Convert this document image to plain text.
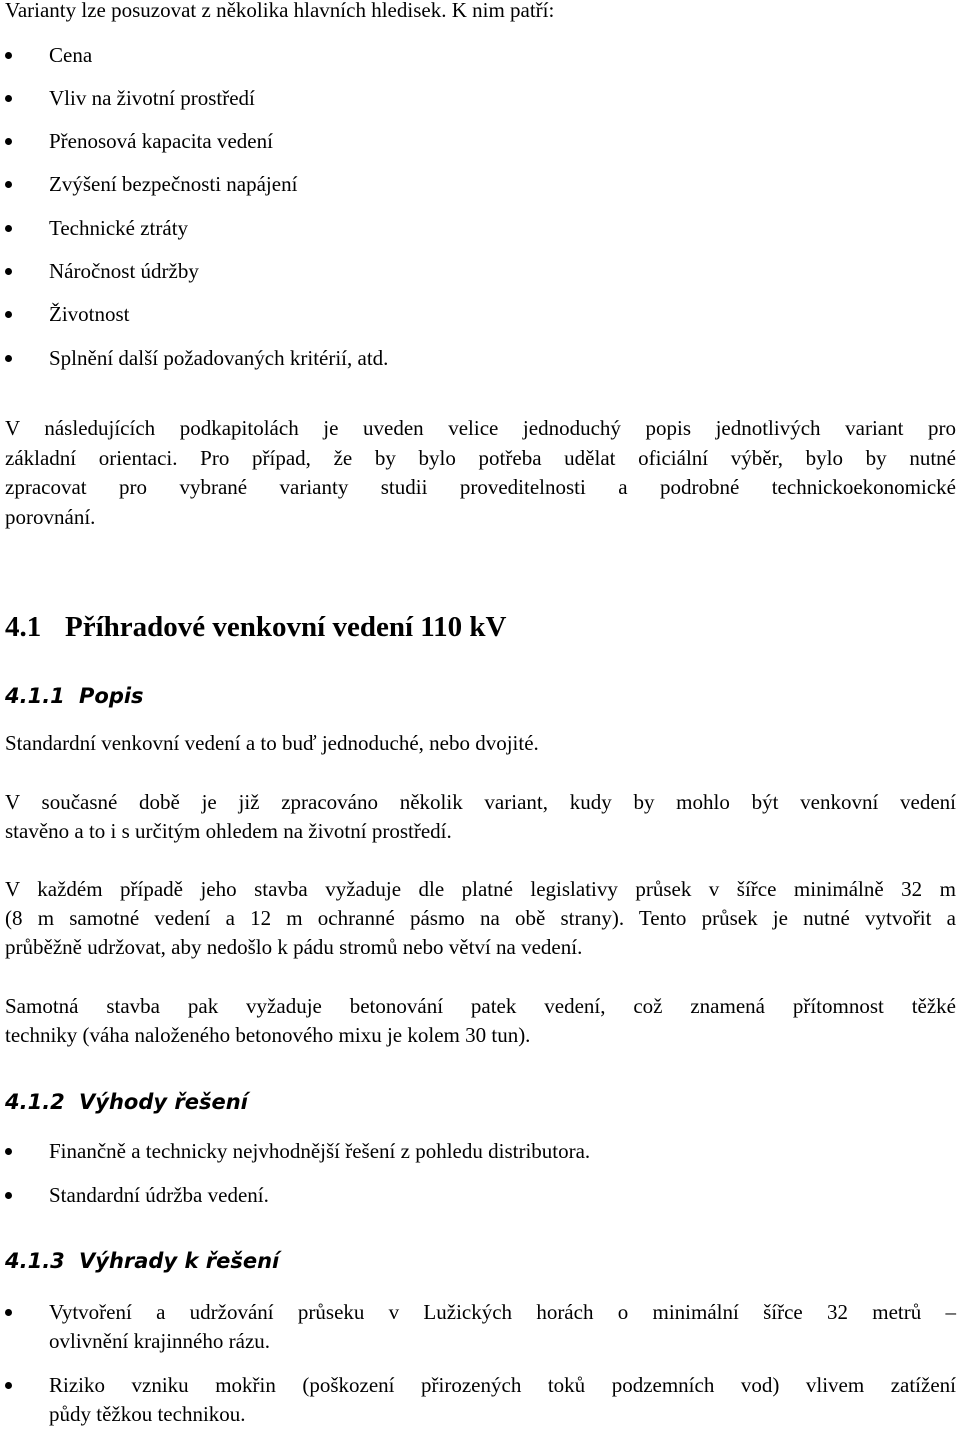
Varianty lze posuzovat z několika hlavních hledisek. K nim patří:

Cena
Vliv na životní prostředí
Přenosová kapacita vedení
Zvýšení bezpečnosti napájení
Technické ztráty
Náročnost údržby
Životnost
Splnění další požadovaných kritérií, atd.

V následujících podkapitolách je uveden velice jednoduchý popis jednotlivých variant pro

základní orientaci. Pro případ, že by bylo potřeba udělat oficiální výběr, bylo by nutné

zpracovat pro vybrané varianty studii proveditelnosti a podrobné technickoekonomické

porovnání.

4.1 Příhradové venkovní vedení 110 kV
4.1.1 Popis

Standardní venkovní vedení a to buď jednoduché, nebo dvojité.

V současné době je již zpracováno několik variant, kudy by mohlo být venkovní vedení

stavěno a to i s určitým ohledem na životní prostředí.

V každém případě jeho stavba vyžaduje dle platné legislativy průsek v šířce minimálně 32 m

(8 m samotné vedení a 12 m ochranné pásmo na obě strany). Tento průsek je nutné vytvořit a

průběžně udržovat, aby nedošlo k pádu stromů nebo větví na vedení.

Samotná stavba pak vyžaduje betonování patek vedení, což znamená přítomnost těžké

techniky (váha naloženého betonového mixu je kolem 30 tun).

4.1.2 Výhody řešení
Finančně a technicky nejvhodnější řešení z pohledu distributora.
Standardní údržba vedení.
4.1.3 Výhrady k řešení
Vytvoření a udržování průseku v Lužických horách o minimální šířce 32 metrů –
ovlivnění krajinného rázu.
Riziko vzniku mokřin (poškození přirozených toků podzemních vod) vlivem zatížení
půdy těžkou technikou.
